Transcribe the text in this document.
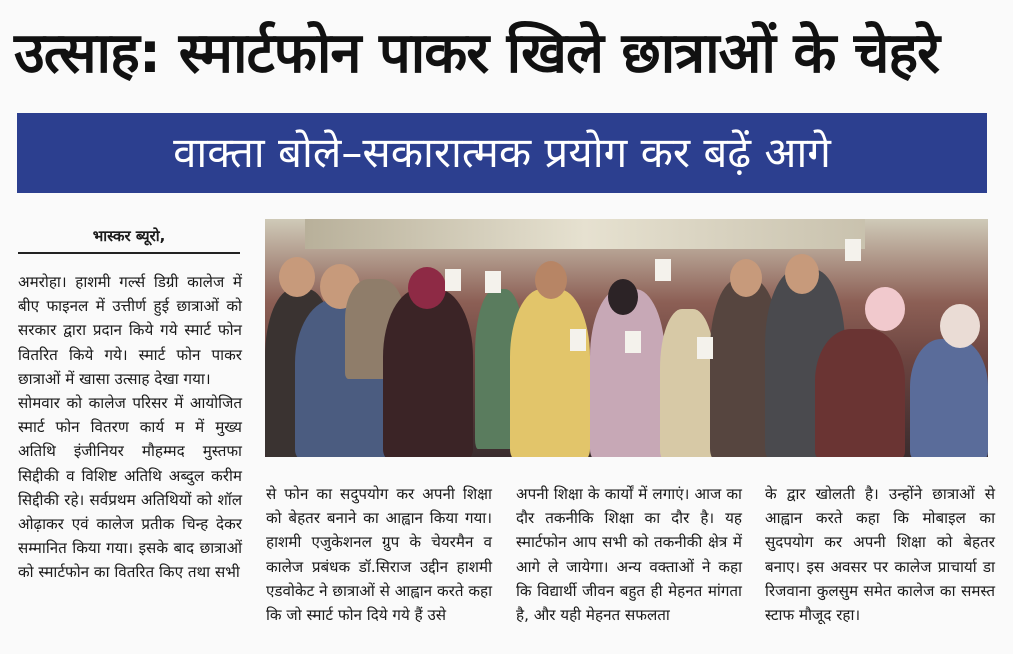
उत्साह: स्मार्टफोन पाकर खिले छात्राओं के चेहरे
वाक्ता बोले–सकारात्मक प्रयोग कर बढ़ें आगे
भास्कर ब्यूरो,

अमरोहा। हाशमी गर्ल्स डिग्री कालेज में बीए फाइनल में उत्तीर्ण हुई छात्राओं को सरकार द्वारा प्रदान किये गये स्मार्ट फोन वितरित किये गये। स्मार्ट फोन पाकर छात्राओं में खासा उत्साह देखा गया।

सोमवार को कालेज परिसर में आयोजित स्मार्ट फोन वितरण कार्य म में मुख्य अतिथि इंजीनियर मौहम्मद मुस्तफा सिद्दीकी व विशिष्ट अतिथि अब्दुल करीम सिद्दीकी रहे। सर्वप्रथम अतिथियों को शॉल ओढ़ाकर एवं कालेज प्रतीक चिन्ह देकर सम्मानित किया गया। इसके बाद छात्राओं को स्मार्टफोन का वितरित किए तथा सभी

से फोन का सदुपयोग कर अपनी शिक्षा को बेहतर बनाने का आह्वान किया गया। हाशमी एजुकेशनल ग्रुप के चेयरमैन व कालेज प्रबंधक डॉ.सिराज उद्दीन हाशमी एडवोकेट ने छात्राओं से आह्वान करते कहा कि जो स्मार्ट फोन दिये गये हैं उसे
अपनी शिक्षा के कार्यों में लगाएं। आज का दौर तकनीकि शिक्षा का दौर है। यह स्मार्टफोन आप सभी को तकनीकी क्षेत्र में आगे ले जायेगा। अन्य वक्ताओं ने कहा कि विद्यार्थी जीवन बहुत ही मेहनत मांगता है, और यही मेहनत सफलता
के द्वार खोलती है। उन्होंने छात्राओं से आह्वान करते कहा कि मोबाइल का सुदपयोग कर अपनी शिक्षा को बेहतर बनाए। इस अवसर पर कालेज प्राचार्या डा रिजवाना कुलसुम समेत कालेज का समस्त स्टाफ मौजूद रहा।
